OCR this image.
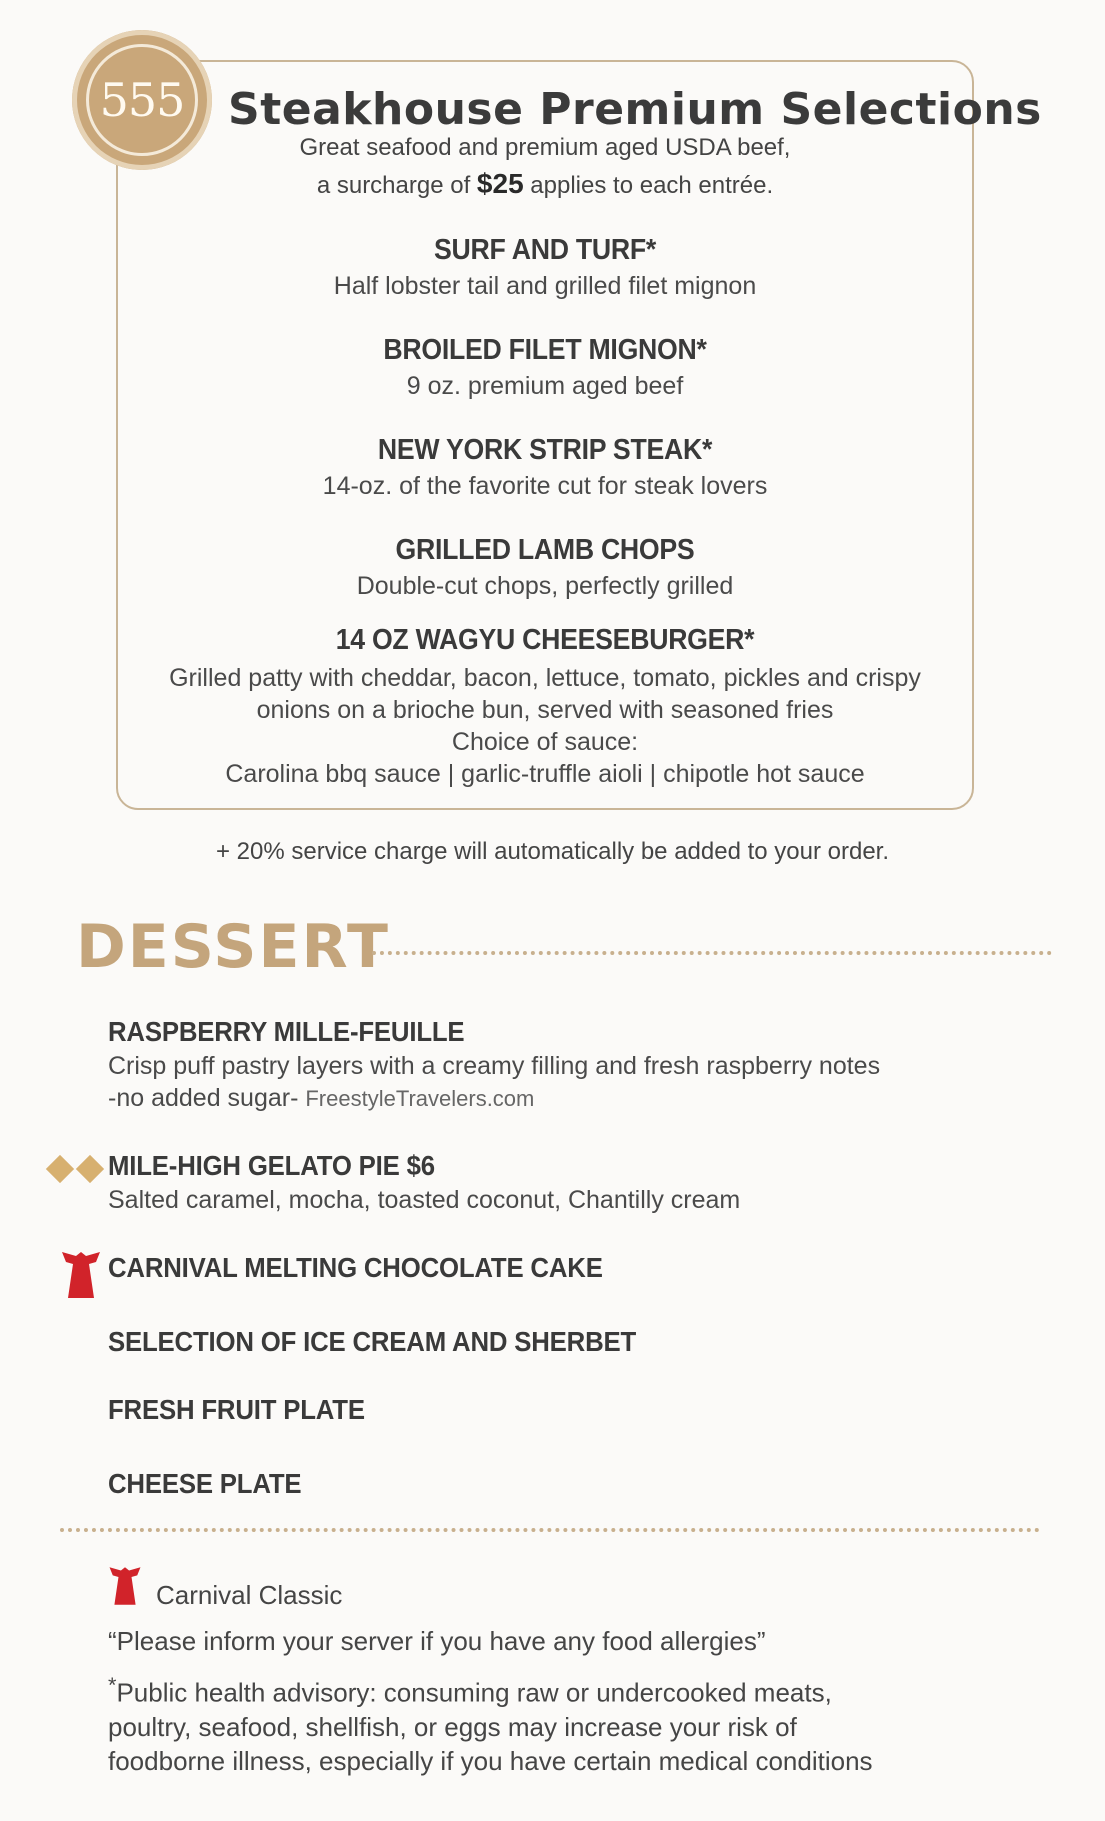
555 Steakhouse Premium Selections
Great seafood and premium aged USDA beef,
a surcharge of $25 applies to each entrée.
SURF AND TURF*
Half lobster tail and grilled filet mignon
BROILED FILET MIGNON*
9 oz. premium aged beef
NEW YORK STRIP STEAK*
14-oz. of the favorite cut for steak lovers
GRILLED LAMB CHOPS
Double-cut chops, perfectly grilled
14 OZ WAGYU CHEESEBURGER*
Grilled patty with cheddar, bacon, lettuce, tomato, pickles and crispy
onions on a brioche bun, served with seasoned fries
Choice of sauce:
Carolina bbq sauce | garlic-truffle aioli | chipotle hot sauce
+ 20% service charge will automatically be added to your order.
DESSERT
RASPBERRY MILLE-FEUILLE
Crisp puff pastry layers with a creamy filling and fresh raspberry notes
-no added sugar- FreestyleTravelers.com
MILE-HIGH GELATO PIE $6
Salted caramel, mocha, toasted coconut, Chantilly cream
CARNIVAL MELTING CHOCOLATE CAKE
SELECTION OF ICE CREAM AND SHERBET
FRESH FRUIT PLATE
CHEESE PLATE
Carnival Classic
“Please inform your server if you have any food allergies”
*Public health advisory: consuming raw or undercooked meats,
poultry, seafood, shellfish, or eggs may increase your risk of
foodborne illness, especially if you have certain medical conditions
